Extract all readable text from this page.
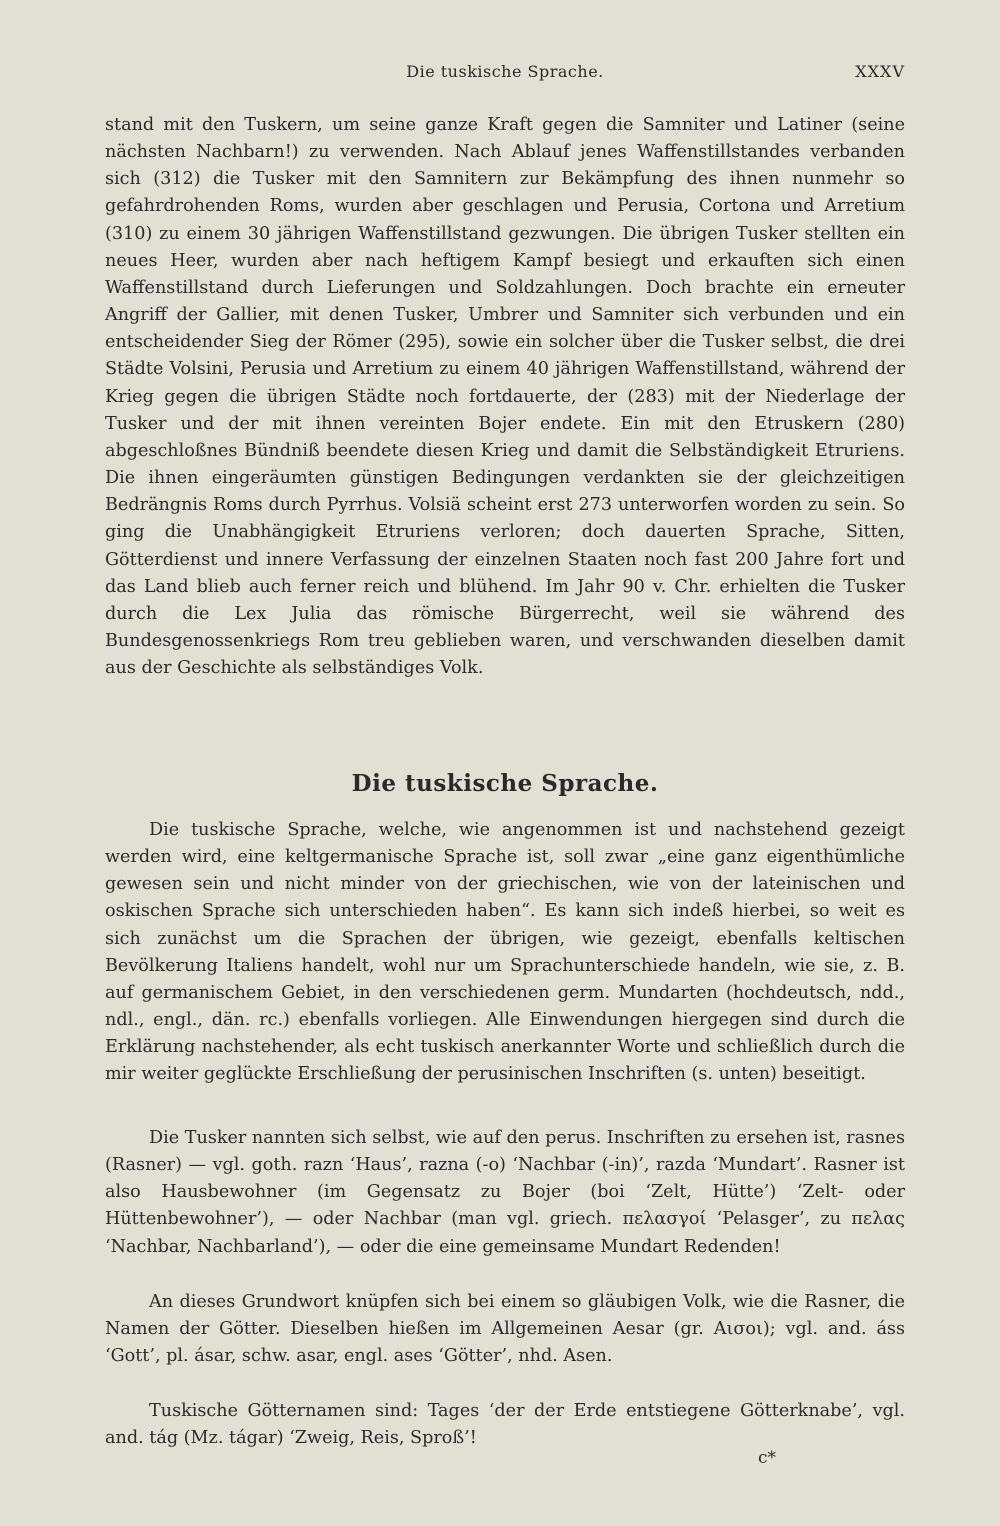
Die tuskische Sprache.	XXXV

stand mit den Tuskern, um seine ganze Kraft gegen die Samniter und Latiner (seine nächsten Nachbarn!) zu verwenden. Nach Ablauf jenes Waffenstillstandes verbanden sich (312) die Tusker mit den Samnitern zur Bekämpfung des ihnen nunmehr so gefahrdrohenden Roms, wurden aber geschlagen und Perusia, Cortona und Arretium (310) zu einem 30 jährigen Waffenstillstand gezwungen. Die übrigen Tusker stellten ein neues Heer, wurden aber nach heftigem Kampf besiegt und erkauften sich einen Waffenstillstand durch Lieferungen und Soldzahlungen. Doch brachte ein erneuter Angriff der Gallier, mit denen Tusker, Umbrer und Samniter sich verbunden und ein entscheidender Sieg der Römer (295), sowie ein solcher über die Tusker selbst, die drei Städte Volsini, Perusia und Arretium zu einem 40 jährigen Waffenstillstand, während der Krieg gegen die übrigen Städte noch fortdauerte, der (283) mit der Niederlage der Tusker und der mit ihnen vereinten Bojer endete. Ein mit den Etruskern (280) abgeschloßnes Bündniß beendete diesen Krieg und damit die Selbständigkeit Etruriens. Die ihnen eingeräumten günstigen Bedingungen verdankten sie der gleichzeitigen Bedrängnis Roms durch Pyrrhus. Volsiä scheint erst 273 unterworfen worden zu sein. So ging die Unabhängigkeit Etruriens verloren; doch dauerten Sprache, Sitten, Götterdienst und innere Verfassung der einzelnen Staaten noch fast 200 Jahre fort und das Land blieb auch ferner reich und blühend. Im Jahr 90 v. Chr. erhielten die Tusker durch die Lex Julia das römische Bürgerrecht, weil sie während des Bundesgenossenkriegs Rom treu geblieben waren, und verschwanden dieselben damit aus der Geschichte als selbständiges Volk.

Die tuskische Sprache.

Die tuskische Sprache, welche, wie angenommen ist und nachstehend gezeigt werden wird, eine keltgermanische Sprache ist, soll zwar „eine ganz eigenthümliche gewesen sein und nicht minder von der griechischen, wie von der lateinischen und oskischen Sprache sich unterschieden haben“. Es kann sich indeß hierbei, so weit es sich zunächst um die Sprachen der übrigen, wie gezeigt, ebenfalls keltischen Bevölkerung Italiens handelt, wohl nur um Sprachunterschiede handeln, wie sie, z. B. auf germanischem Gebiet, in den verschiedenen germ. Mundarten (hochdeutsch, ndd., ndl., engl., dän. rc.) ebenfalls vorliegen. Alle Einwendungen hiergegen sind durch die Erklärung nachstehender, als echt tuskisch anerkannter Worte und schließlich durch die mir weiter geglückte Erschließung der perusinischen Inschriften (s. unten) beseitigt.

Die Tusker nannten sich selbst, wie auf den perus. Inschriften zu ersehen ist, rasnes (Rasner) — vgl. goth. razn ‘Haus’, razna (-o) ‘Nachbar (-in)’, razda ‘Mundart’. Rasner ist also Hausbewohner (im Gegensatz zu Bojer (boi ‘Zelt, Hütte’) ‘Zelt- oder Hüttenbewohner’), — oder Nachbar (man vgl. griech. πελασγοί ‘Pelasger’, zu πελας ‘Nachbar, Nachbarland’), — oder die eine gemeinsame Mundart Redenden!

An dieses Grundwort knüpfen sich bei einem so gläubigen Volk, wie die Rasner, die Namen der Götter. Dieselben hießen im Allgemeinen Aesar (gr. Αισοι); vgl. and. áss ‘Gott’, pl. ásar, schw. asar, engl. ases ‘Götter’, nhd. Asen.

Tuskische Götternamen sind: Tages ‘der der Erde entstiegene Götterknabe’, vgl. and. tág (Mz. tágar) ‘Zweig, Reis, Sproß’!

c*
